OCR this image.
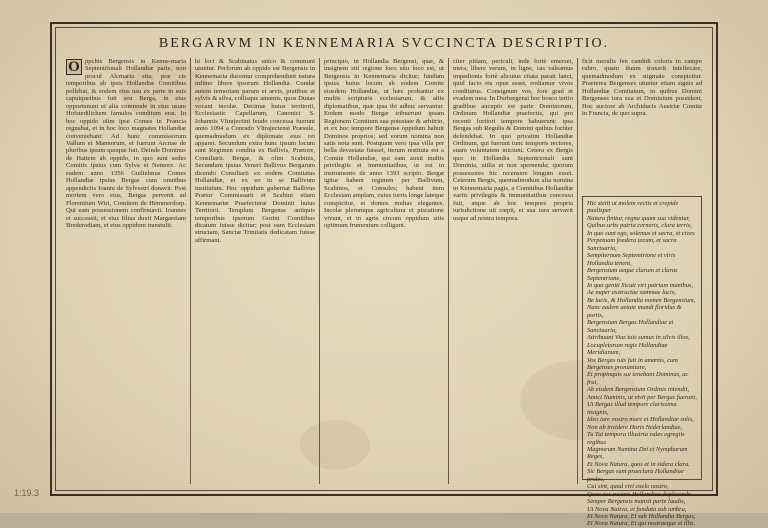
BERGARVM IN KENNEMARIA SVCCINCTA DESCRIPTIO.
O ppchis Bergensis in Kenne-maria Septentrionali Hollandiæ parte, non procul Alcmaria sita, præ cis temporibus ab ipsis Hollandiæ Comitibus pollebat, & eodem eius usu ex parte in suis caputqueibus fuit seu Berga, in eius opportunum et alia commode in eius usum Hofstedilichem famulos conditum erat. In hoc oppido olim ipse Comes in Francia regnabat, et in hoc loco magnates Hollandiæ conveniebant: Ad hunc commissorum Vallum et Mannorum, et fuerunt Arcnae de pluribus ipsum quoque fuit. Deinde Dominus de Hattem ab oppido, in quo sunt sedes Comitis ipsius cum Sylva et Nemore. Ac eadem anno 1356 Guilielmus Comes Hollandiæ ipsius Bergas cum omnibus appendiciis Ioanni de Sylvestri donavit. Post mortem vero eius, Bergas pervenit ad Florentium Wiri, Comitem de Hemmerdorp. Qui eam possessionem confirmavit. Ioannes ei successit, et eius filius duxit Margaretam Brederodiam, et eius oppidum transtulit.
hi loci & Scabinatus unico & communi utuntur. Perforum ab oppido est Bergensis in Kennemaria ducentur comprehendunt natura infimo libere ipsorum Hollandia. Condat autem ternoriam parum et arvis, pratibus et sylvis & silva, collisque amœnis, quos Dunas vocant incolæ. Decimæ huius territorii, Ecclesiastic Capellarum, Canonici S. Iohannis Vltrajectini feudo concessa fuerunt anno 1094 a Conrado Vltrajectensi Præsule, quemadmodum ex diplomate eius rei apparet. Secundum extra hunc ipsum locum sunt Regimen condita ex Ballivis, Prætore, Consiliarii. Bergæ, & olim Scabinis, Secundum ipsius Veneri Ballivus Bergarum dicendo Consiliarii ex eodem Comitatus Hollandiæ, et ex eo in se Ballivum institutum. Hoc oppidum gubernat Ballivus Prætor Commissarii et Scabini etiam Kennemariæ Praefecturæ Dominii huius Territorii. Templum Bergense antiquis temporibus ipsorum Gorini Comitibus dicatum fuisse dicitur; post eam Ecclesiam structam, Sanctæ Trinitatis dedicatam fuisse affirmant.
principio, in Hollandia Bergensi, quæ, & insignem siti regione loco situ loco est, ut Bergensis in Kennemaria dicitur; fundum ipsius huius locum ab eodem Comite eiusdem Hollandiæ, ut hæc probantur ex multis scripturis ecclesiarum, & aliis diplomatibus, quæ ipsa ibi adhuc servantur. Eodem modo Bergæ tribuerunt ipsam Regionem Comitum sua potestate & arbitrio, et ex hoc tempore Bergense oppidum habuit Dominos proprios; sed eorum nomina non satis nota sunt. Postquam vero ipsa villa per bella devastata fuisset, iterum restituta est a Comite Hollandiæ, qui eam auxit multis privilegiis et immunitatibus, ut est in instrumento de anno 1393 scripto. Bergæ igitur habent regimen per Ballivum, Scabinos, et Consules; habent item Ecclesiam amplam, cuius turris longe lateque conspicitur, et domos multas elegantes. Incolæ plerumque agricultura et piscatione vivunt, et in agris circum oppidum sitis optimum frumentum colligunt.
citer pitiam, periculi, inde fortè emerset, mera, libere verum, in ligne, cas valeamus impedionis fortè alicuius citata parait lanct, quid facio eis opus esset, eodiamur vivos conditurus. Consignum vos, fore grad et evadem mea. In Durbergensi hoc bosco tertio gradibus aucupio est parte Dominorum, Ordinum Hollandiæ praefectis, qui pro recenti fortiori tempore habuerunt: ipsa Bergas sub Regulis & Domini quibus fortiter defendebat. In quo privatim Hollandiæ Ordinum, qui fuerunt tunc temporis rectores, suam voluntatem iniciunt. Cetera ex Bergis quo in Hollandia Septentrionali sunt Dominia, utilia et non spernenda; quorum possessores hic recensere longum esset. Ceterum Bergis, quemadmodum alia nomina in Kennemaria pagis, a Comitibus Hollandiæ variis privilegiis & immunitatibus concessa fuit, atque ab hoc tempore propria iurisdictione uti cœpit, et sua iura servavit usque ad nostra tempora.
ficit merulis fen candidi coloris in campo rubro, quam iluum traxerit intelfecare, quemadmodum ex stigmate conspicitur. Praeterea Bergenses utuntur etiam signis ad Hollandiæ Comitatum, in quibus Domini Bergenses iura sua et Dominium possident, Hoc auctore ab Archiducis Austriæ Comite in Francia, de quo supra.
Hic stetit ut molem vectis et crepide paulisper
Natura finitur, regna quam sua videntur,
Quibus urbs patria cerneris, clara terris,
In quo sunt ego, solemus et sacra, et cives
Perpetuam foedera tecum, et sacra Sanctuaria,
Sempiternum Septemtrione et viris Hollandia tenent,
Bergensium aeque clarum et claras Septentrione,
In quo geniti Sicuti viri patriam manibus,
Ae nuper exstructae summae lucis,
Be lucis, & Hollandia nomen Bergensium,
Nunc eadem aetate mundi floridus & portis,
Bergensium Bergas Hollandiae et Sanctuaria,
Attribuunt Vias tuis sumus in silvis illos,
Locupletorum regis Hollandiae Meridianum,
Vos Bergas tuis fuit in amœnis, cum Bergenses pronuntiare,
Et propinquis sui tenebant Dominus, ac frui,
Ab eisdem Bergensium Ordinis intendit,
Amici Numinis, ut vivit per Bergas fuerunt,
Ut Bergas illud tempore clarissima insignis,
Ideo iure nostro mare et Hollandiae solis,
Non ab invidere Horis Nederlandiae,
Tu Tui tempora illustria vales egregiis regibus
Magnorum Numina Dei et Nympharum Reges,
Et Nova Natura, quos et in sidera clara.
Sic Bergas sunt praeclara Hollandiae proles,
Cui sint, quod vivi coelo nostro,
Quae nos nostris Hollandiae duplicando
Semper Bergensis mansit parte laudis,
Ut Nova Nativa, et fundata sub umbra,
Et Nova Natura, Et sub Hollandia Bergas,
Et Nova Natura, Et qui nostraeque et illis.
1:19.3
